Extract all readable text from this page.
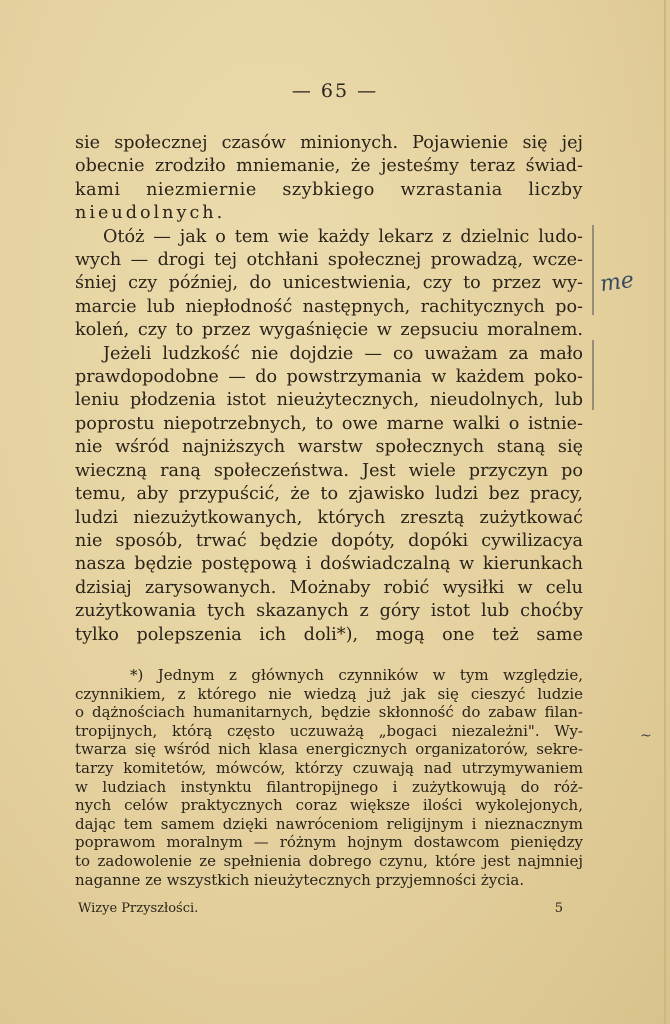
— 65 —
sie społecznej czasów minionych. Pojawienie się jej
obecnie zrodziło mniemanie, że jesteśmy teraz świad-
kami niezmiernie szybkiego wzrastania liczby
nieudolnych.
Otóż — jak o tem wie każdy lekarz z dzielnic ludo-
wych — drogi tej otchłani społecznej prowadzą, wcze-
śniej czy później, do unicestwienia, czy to przez wy-
marcie lub niepłodność następnych, rachitycznych po-
koleń, czy to przez wygaśnięcie w zepsuciu moralnem.
Jeżeli ludzkość nie dojdzie — co uważam za mało
prawdopodobne — do powstrzymania w każdem poko-
leniu płodzenia istot nieużytecznych, nieudolnych, lub
poprostu niepotrzebnych, to owe marne walki o istnie-
nie wśród najniższych warstw społecznych staną się
wieczną raną społeczeństwa. Jest wiele przyczyn po
temu, aby przypuścić, że to zjawisko ludzi bez pracy,
ludzi niezużytkowanych, których zresztą zużytkować
nie sposób, trwać będzie dopóty, dopóki cywilizacya
nasza będzie postępową i doświadczalną w kierunkach
dzisiaj zarysowanych. Możnaby robić wysiłki w celu
zużytkowania tych skazanych z góry istot lub choćby
tylko polepszenia ich doli*), mogą one też same
me
*) Jednym z głównych czynników w tym względzie,
czynnikiem, z którego nie wiedzą już jak się cieszyć ludzie
o dążnościach humanitarnych, będzie skłonność do zabaw filan-
tropijnych, którą często uczuważą „bogaci niezależni". Wy-
twarza się wśród nich klasa energicznych organizatorów, sekre-
tarzy komitetów, mówców, którzy czuwają nad utrzymywaniem
w ludziach instynktu filantropijnego i zużytkowują do róż-
nych celów praktycznych coraz większe ilości wykolejonych,
dając tem samem dzięki nawróceniom religijnym i nieznacznym
poprawom moralnym — różnym hojnym dostawcom pieniędzy
to zadowolenie ze spełnienia dobrego czynu, które jest najmniej
naganne ze wszystkich nieużytecznych przyjemności życia.
~
Wizye Przyszłości.	5
